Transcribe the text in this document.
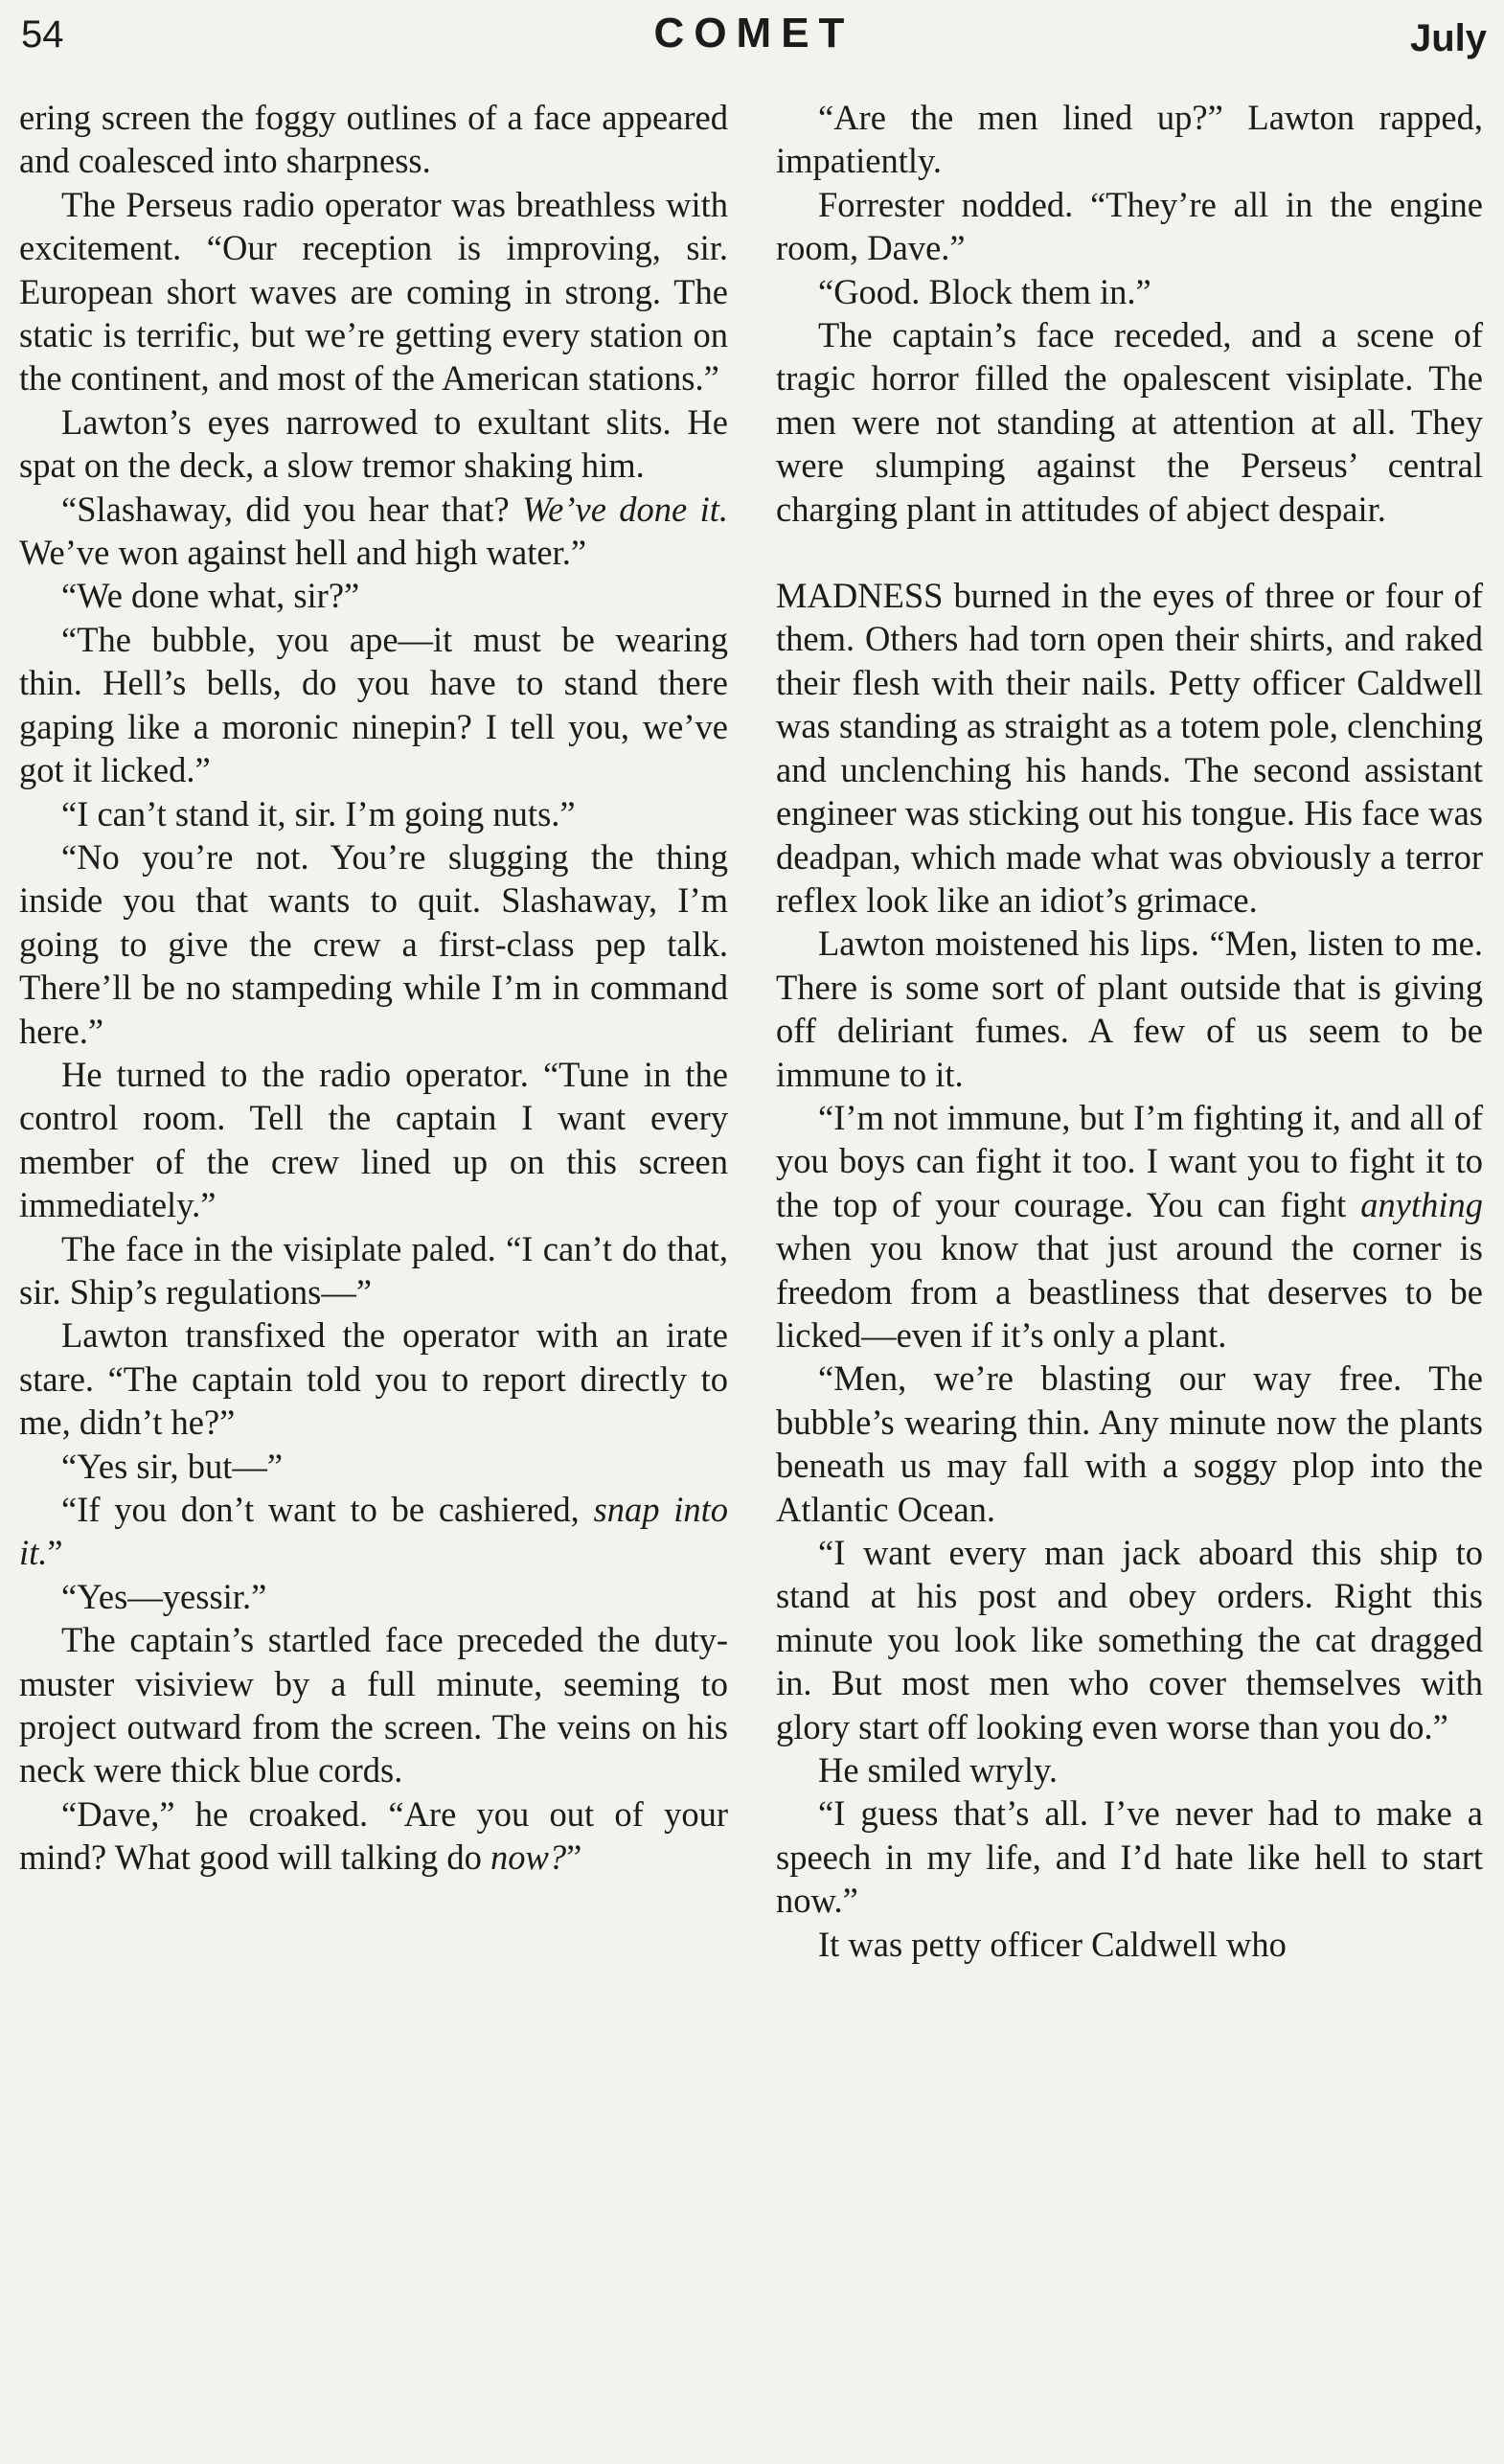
54	COMET	July

ering screen the foggy outlines of a face appeared and coalesced into sharpness.

The Perseus radio operator was breathless with excitement. “Our reception is improving, sir. European short waves are coming in strong. The static is terrific, but we’re getting every station on the continent, and most of the American stations.”

Lawton’s eyes narrowed to exultant slits. He spat on the deck, a slow tremor shaking him.

“Slashaway, did you hear that? We’ve done it. We’ve won against hell and high water.”

“We done what, sir?”

“The bubble, you ape—it must be wearing thin. Hell’s bells, do you have to stand there gaping like a moronic ninepin? I tell you, we’ve got it licked.”

“I can’t stand it, sir. I’m going nuts.”

“No you’re not. You’re slugging the thing inside you that wants to quit. Slashaway, I’m going to give the crew a first-class pep talk. There’ll be no stampeding while I’m in command here.”

He turned to the radio operator. “Tune in the control room. Tell the captain I want every member of the crew lined up on this screen immediately.”

The face in the visiplate paled. “I can’t do that, sir. Ship’s regulations—”

Lawton transfixed the operator with an irate stare. “The captain told you to report directly to me, didn’t he?”

“Yes sir, but—”

“If you don’t want to be cashiered, snap into it.”

“Yes—yessir.”

The captain’s startled face preceded the duty-muster visiview by a full minute, seeming to project outward from the screen. The veins on his neck were thick blue cords.

“Dave,” he croaked. “Are you out of your mind? What good will talking do now?”

“Are the men lined up?” Lawton rapped, impatiently.

Forrester nodded. “They’re all in the engine room, Dave.”

“Good. Block them in.”

The captain’s face receded, and a scene of tragic horror filled the opalescent visiplate. The men were not standing at attention at all. They were slumping against the Perseus’ central charging plant in attitudes of abject despair.

MADNESS burned in the eyes of three or four of them. Others had torn open their shirts, and raked their flesh with their nails. Petty officer Caldwell was standing as straight as a totem pole, clenching and unclenching his hands. The second assistant engineer was sticking out his tongue. His face was deadpan, which made what was obviously a terror reflex look like an idiot’s grimace.

Lawton moistened his lips. “Men, listen to me. There is some sort of plant outside that is giving off deliriant fumes. A few of us seem to be immune to it.

“I’m not immune, but I’m fighting it, and all of you boys can fight it too. I want you to fight it to the top of your courage. You can fight anything when you know that just around the corner is freedom from a beastliness that deserves to be licked—even if it’s only a plant.

“Men, we’re blasting our way free. The bubble’s wearing thin. Any minute now the plants beneath us may fall with a soggy plop into the Atlantic Ocean.

“I want every man jack aboard this ship to stand at his post and obey orders. Right this minute you look like something the cat dragged in. But most men who cover themselves with glory start off looking even worse than you do.”

He smiled wryly.

“I guess that’s all. I’ve never had to make a speech in my life, and I’d hate like hell to start now.”

It was petty officer Caldwell who
